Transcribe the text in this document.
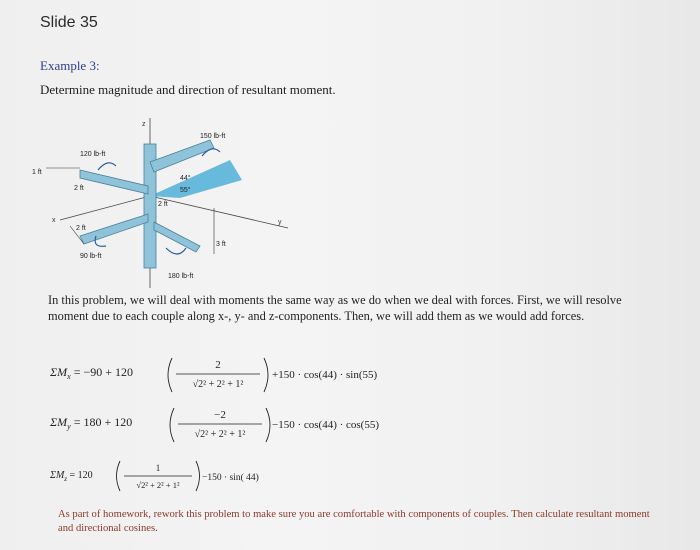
Slide 35
Example 3:
Determine magnitude and direction of resultant moment.
z
y
x
44°
55°
150 lb-ft
120 lb-ft
90 lb-ft
180 lb-ft
1 ft
2 ft
2 ft
2 ft
3 ft
In this problem, we will deal with moments the same way as we do when we deal with forces. First, we will resolve moment due to each couple along x-, y- and z-components. Then, we will add them as we would add forces.
$\Sigma M_x = -90 + 120$	2
√2² + 2² + 1²
+150 · cos(44) · sin(55)
$\Sigma M_y = 180 + 120$	−2
√2² + 2² + 1²
−150 · cos(44) · cos(55)
$\Sigma M_z = 120$
1
√2² + 2² + 1²
−150 · sin( 44)
As part of homework, rework this problem to make sure you are comfortable with components of couples. Then calculate resultant moment and directional cosines.
